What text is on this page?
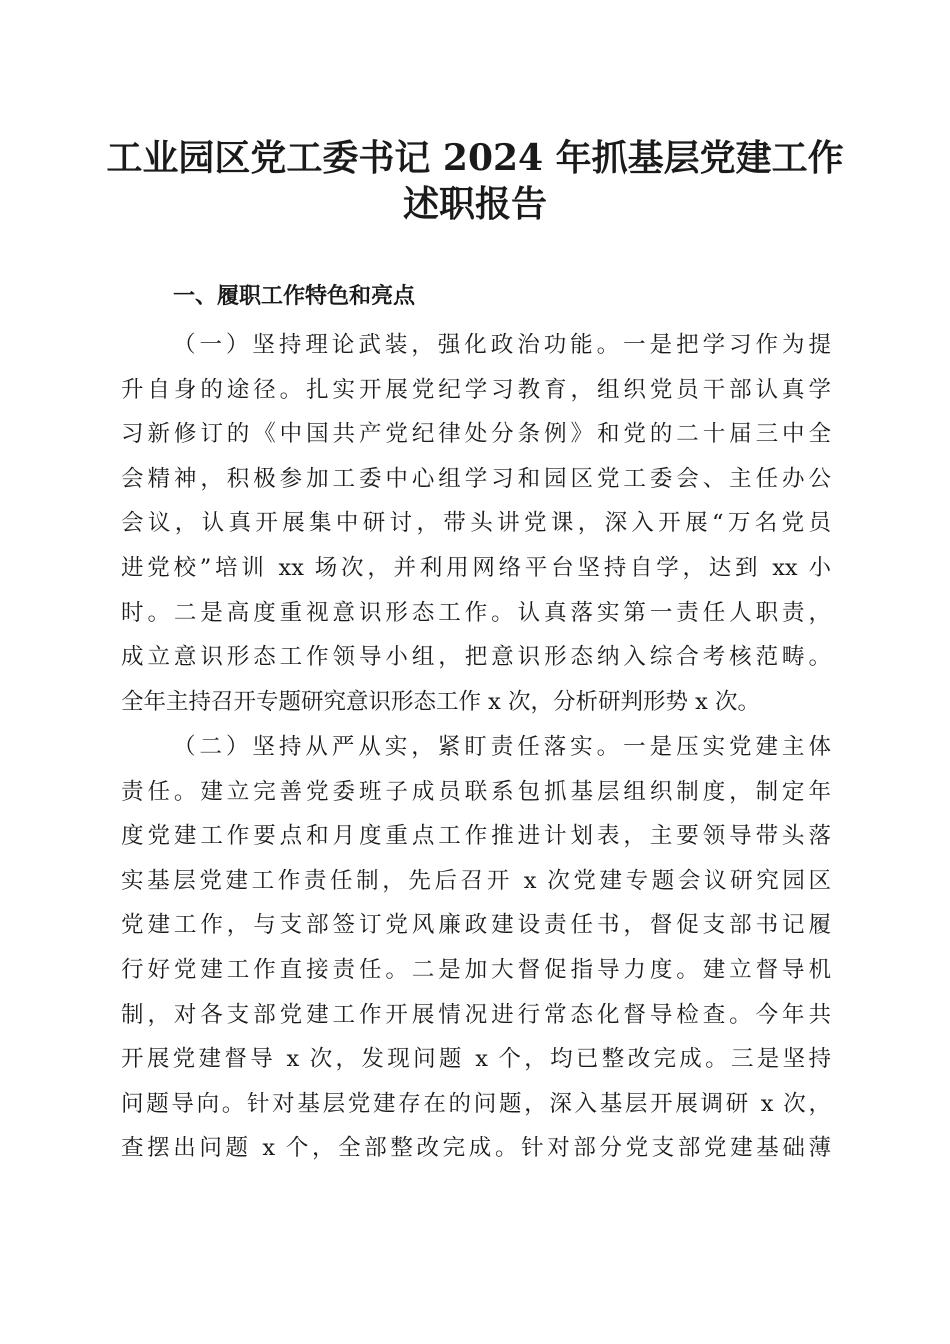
工业园区党工委书记 2024 年抓基层党建工作
述职报告
一、履职工作特色和亮点
（一）坚持理论武装，强化政治功能。一是把学习作为提
升自身的途径。扎实开展党纪学习教育，组织党员干部认真学
习新修订的《中国共产党纪律处分条例》和党的二十届三中全
会精神，积极参加工委中心组学习和园区党工委会、主任办公
会议，认真开展集中研讨，带头讲党课，深入开展“万名党员
进党校”培训 xx 场次，并利用网络平台坚持自学，达到 xx 小
时。二是高度重视意识形态工作。认真落实第一责任人职责，
成立意识形态工作领导小组，把意识形态纳入综合考核范畴。
全年主持召开专题研究意识形态工作 x 次，分析研判形势 x 次。
（二）坚持从严从实，紧盯责任落实。一是压实党建主体
责任。建立完善党委班子成员联系包抓基层组织制度，制定年
度党建工作要点和月度重点工作推进计划表，主要领导带头落
实基层党建工作责任制，先后召开 x 次党建专题会议研究园区
党建工作，与支部签订党风廉政建设责任书，督促支部书记履
行好党建工作直接责任。二是加大督促指导力度。建立督导机
制，对各支部党建工作开展情况进行常态化督导检查。今年共
开展党建督导 x 次，发现问题 x 个，均已整改完成。三是坚持
问题导向。针对基层党建存在的问题，深入基层开展调研 x 次，
查摆出问题 x 个，全部整改完成。针对部分党支部党建基础薄
